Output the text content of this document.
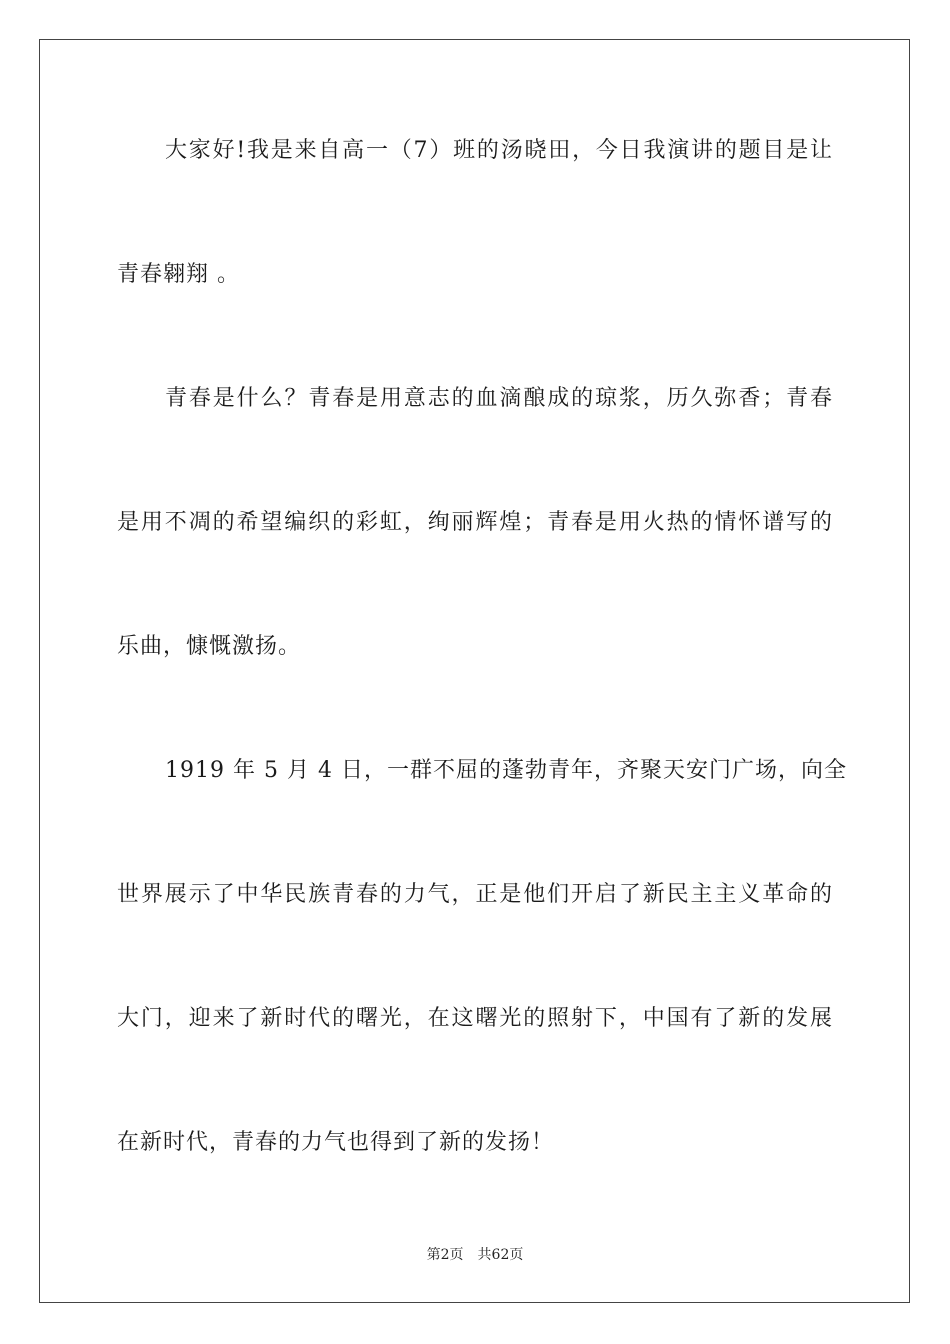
大家好!我是来自高一（7）班的汤晓田，今日我演讲的题目是让
青春翱翔 。
青春是什么？青春是用意志的血滴酿成的琼浆，历久弥香；青春
是用不凋的希望编织的彩虹，绚丽辉煌；青春是用火热的情怀谱写的
乐曲，慷慨激扬。
1919 年 5 月 4 日，一群不屈的蓬勃青年，齐聚天安门广场，向全
世界展示了中华民族青春的力气，正是他们开启了新民主主义革命的
大门，迎来了新时代的曙光，在这曙光的照射下，中国有了新的发展
在新时代，青春的力气也得到了新的发扬！
第2页 共62页
